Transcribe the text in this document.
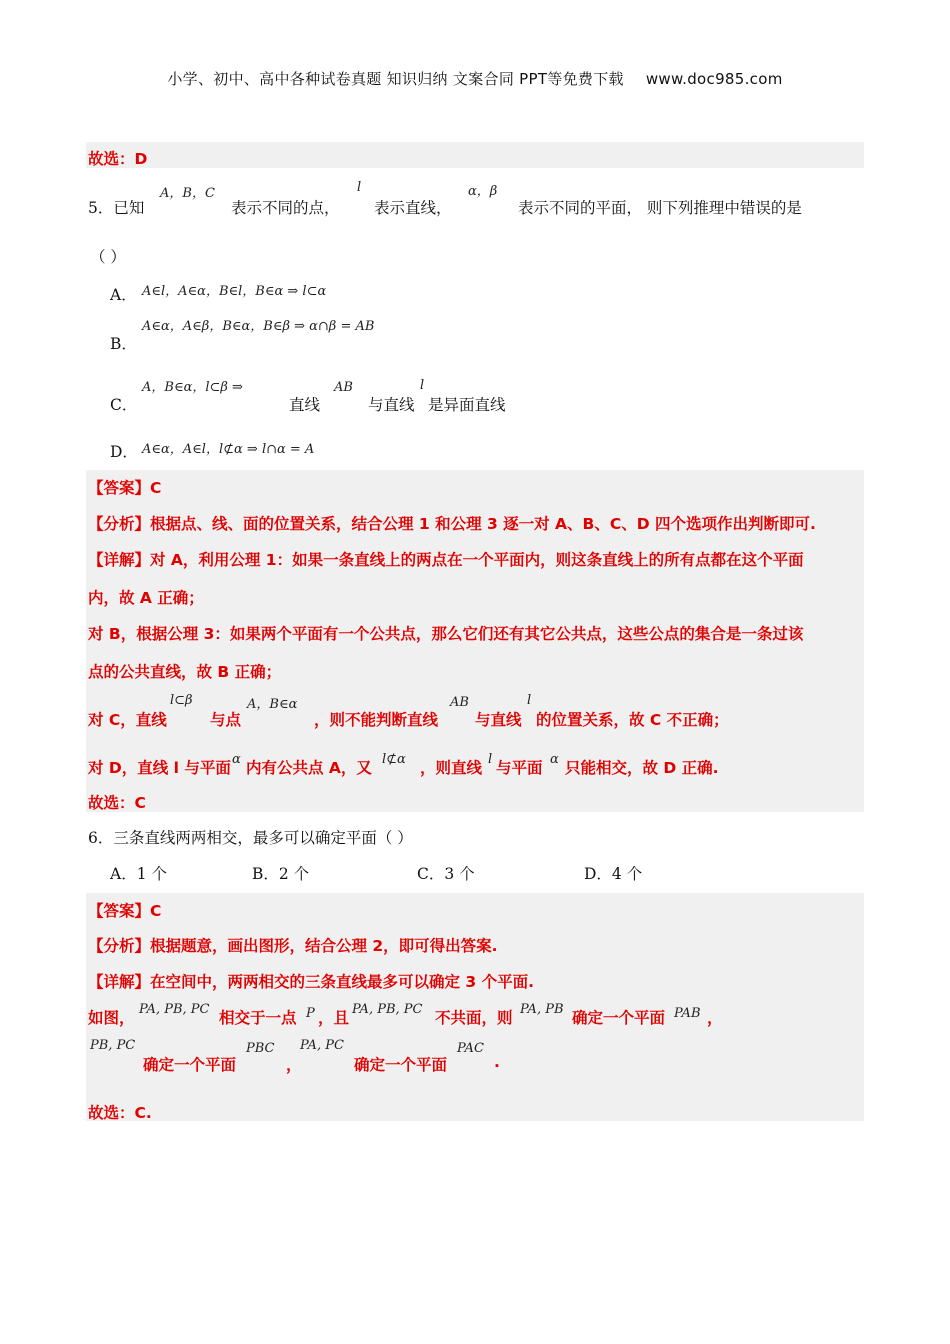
小学、初中、高中各种试卷真题 知识归纳 文案合同 PPT等免费下载 www.doc985.com
故选：D
5．已知
A，B，C
表示不同的点，
l
表示直线，
α，β
表示不同的平面， 则下列推理中错误的是
（ ）
A． A∈l，A∈α，B∈l，B∈α ⇒ l⊂α
A∈α，A∈β，B∈α，B∈β ⇒ α∩β = AB
B．
A，B∈α，l⊂β ⇒
C．	直线
AB
与直线
l
是异面直线
D． A∈α，A∈l，l⊄α ⇒ l∩α = A
【答案】C
【分析】根据点、线、面的位置关系，结合公理 1 和公理 3 逐一对 A、B、C、D 四个选项作出判断即可.
【详解】对 A，利用公理 1：如果一条直线上的两点在一个平面内，则这条直线上的所有点都在这个平面
内，故 A 正确；
对 B，根据公理 3：如果两个平面有一个公共点，那么它们还有其它公共点，这些公点的集合是一条过该
点的公共直线，故 B 正确；
对 C，直线
l⊂β
与点
A，B∈α
，则不能判断直线
AB
与直线
l
的位置关系，故 C 不正确；
对 D，直线 l 与平面 α 内有公共点 A，又 l⊄α ，则直线 l 与平面 α 只能相交，故 D 正确.
故选：C
6．三条直线两两相交，最多可以确定平面（ ）
A．1 个	B．2 个	C．3 个	D．4 个
【答案】C
【分析】根据题意，画出图形，结合公理 2，即可得出答案.
【详解】在空间中，两两相交的三条直线最多可以确定 3 个平面.
如图， PA, PB, PC 相交于一点 P ，且 PA, PB, PC 不共面，则 PA, PB 确定一个平面 PAB ，
PB, PC
确定一个平面
PBC
，
PA, PC
确定一个平面
PAC
.
故选：C.
